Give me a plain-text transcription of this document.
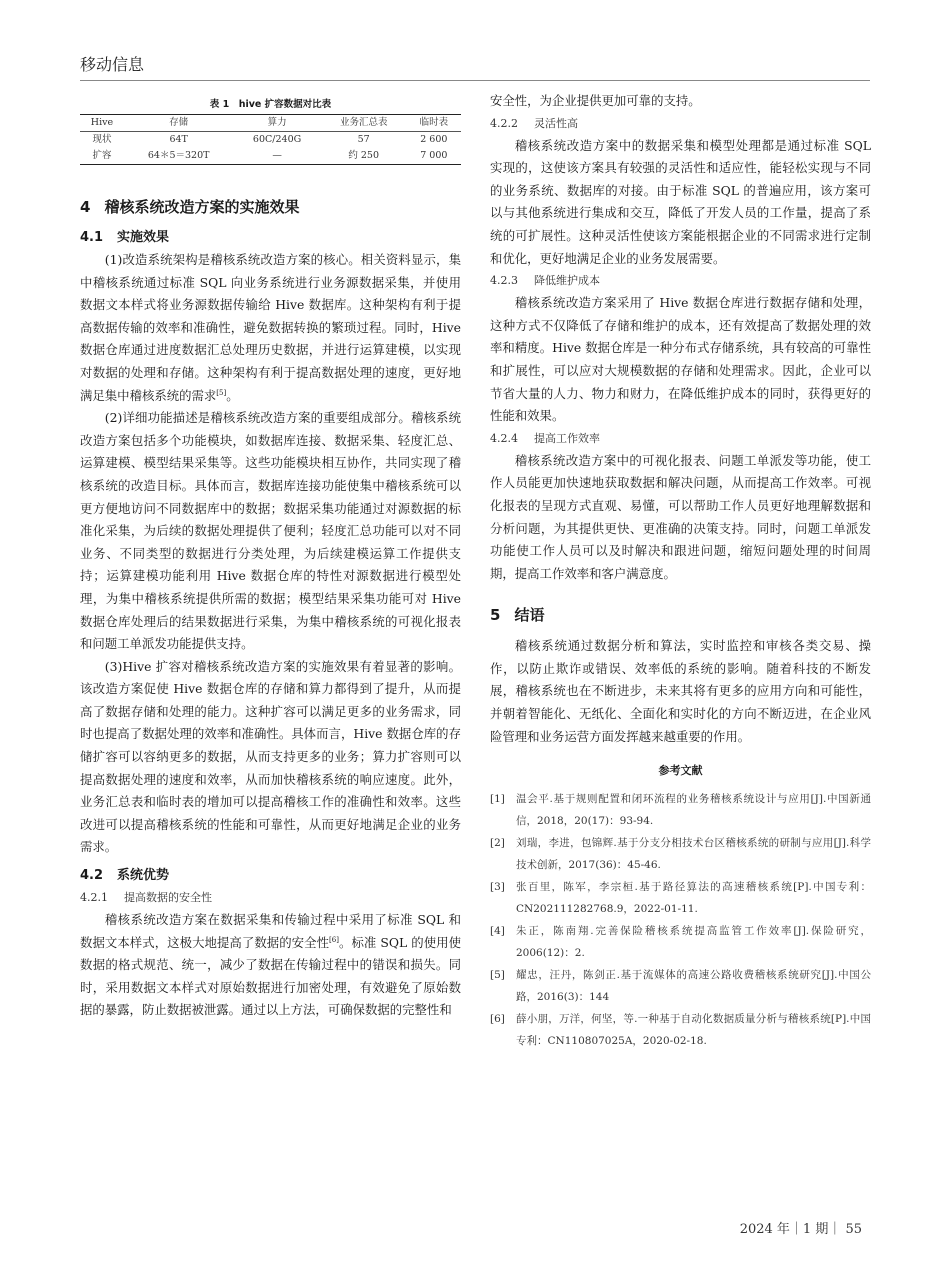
移动信息
表 1　hive 扩容数据对比表
Hive	存储	算力	业务汇总表	临时表
现状	64T	60C/240G	57	2 600
扩容	64＊5＝320T	—	约 250	7 000
4 稽核系统改造方案的实施效果
4.1 实施效果

(1)改造系统架构是稽核系统改造方案的核心。相关资料显示，集中稽核系统通过标准 SQL 向业务系统进行业务源数据采集，并使用数据文本样式将业务源数据传输给 Hive 数据库。这种架构有利于提高数据传输的效率和准确性，避免数据转换的繁琐过程。同时，Hive 数据仓库通过进度数据汇总处理历史数据，并进行运算建模，以实现对数据的处理和存储。这种架构有利于提高数据处理的速度，更好地满足集中稽核系统的需求[5]。

(2)详细功能描述是稽核系统改造方案的重要组成部分。稽核系统改造方案包括多个功能模块，如数据库连接、数据采集、轻度汇总、运算建模、模型结果采集等。这些功能模块相互协作，共同实现了稽核系统的改造目标。具体而言，数据库连接功能使集中稽核系统可以更方便地访问不同数据库中的数据；数据采集功能通过对源数据的标准化采集，为后续的数据处理提供了便利；轻度汇总功能可以对不同业务、不同类型的数据进行分类处理，为后续建模运算工作提供支持；运算建模功能利用 Hive 数据仓库的特性对源数据进行模型处理，为集中稽核系统提供所需的数据；模型结果采集功能可对 Hive 数据仓库处理后的结果数据进行采集，为集中稽核系统的可视化报表和问题工单派发功能提供支持。

(3)Hive 扩容对稽核系统改造方案的实施效果有着显著的影响。该改造方案促使 Hive 数据仓库的存储和算力都得到了提升，从而提高了数据存储和处理的能力。这种扩容可以满足更多的业务需求，同时也提高了数据处理的效率和准确性。具体而言，Hive 数据仓库的存储扩容可以容纳更多的数据，从而支持更多的业务；算力扩容则可以提高数据处理的速度和效率，从而加快稽核系统的响应速度。此外，业务汇总表和临时表的增加可以提高稽核工作的准确性和效率。这些改进可以提高稽核系统的性能和可靠性，从而更好地满足企业的业务需求。

4.2 系统优势
4.2.1 提高数据的安全性

稽核系统改造方案在数据采集和传输过程中采用了标准 SQL 和数据文本样式，这极大地提高了数据的安全性[6]。标准 SQL 的使用使数据的格式规范、统一，减少了数据在传输过程中的错误和损失。同时，采用数据文本样式对原始数据进行加密处理，有效避免了原始数据的暴露，防止数据被泄露。通过以上方法，可确保数据的完整性和

安全性，为企业提供更加可靠的支持。

4.2.2 灵活性高

稽核系统改造方案中的数据采集和模型处理都是通过标准 SQL 实现的，这使该方案具有较强的灵活性和适应性，能轻松实现与不同的业务系统、数据库的对接。由于标准 SQL 的普遍应用，该方案可以与其他系统进行集成和交互，降低了开发人员的工作量，提高了系统的可扩展性。这种灵活性使该方案能根据企业的不同需求进行定制和优化，更好地满足企业的业务发展需要。

4.2.3 降低维护成本

稽核系统改造方案采用了 Hive 数据仓库进行数据存储和处理，这种方式不仅降低了存储和维护的成本，还有效提高了数据处理的效率和精度。Hive 数据仓库是一种分布式存储系统，具有较高的可靠性和扩展性，可以应对大规模数据的存储和处理需求。因此，企业可以节省大量的人力、物力和财力，在降低维护成本的同时，获得更好的性能和效果。

4.2.4 提高工作效率

稽核系统改造方案中的可视化报表、问题工单派发等功能，使工作人员能更加快速地获取数据和解决问题，从而提高工作效率。可视化报表的呈现方式直观、易懂，可以帮助工作人员更好地理解数据和分析问题，为其提供更快、更准确的决策支持。同时，问题工单派发功能使工作人员可以及时解决和跟进问题，缩短问题处理的时间周期，提高工作效率和客户满意度。

5 结语

稽核系统通过数据分析和算法，实时监控和审核各类交易、操作，以防止欺诈或错误、效率低的系统的影响。随着科技的不断发展，稽核系统也在不断进步，未来其将有更多的应用方向和可能性，并朝着智能化、无纸化、全面化和实时化的方向不断迈进，在企业风险管理和业务运营方面发挥越来越重要的作用。

参考文献
[1]	温会平.基于规则配置和闭环流程的业务稽核系统设计与应用[J].中国新通信，2018，20(17)：93-94.
[2]	刘瑞，李进，包锦辉.基于分支分相技术台区稽核系统的研制与应用[J].科学技术创新，2017(36)：45-46.
[3]	张百里，陈军，李宗桓.基于路径算法的高速稽核系统[P].中国专利：CN202111282768.9，2022-01-11.
[4]	朱正，陈南翔.完善保险稽核系统提高监管工作效率[J].保险研究，2006(12)：2.
[5]	耀忠，汪丹，陈剑正.基于流媒体的高速公路收费稽核系统研究[J].中国公路，2016(3)：144
[6]	薛小朋，万洋，何坚，等.一种基于自动化数据质量分析与稽核系统[P].中国专利：CN110807025A，2020-02-18.
2024 年｜1 期｜ 55
